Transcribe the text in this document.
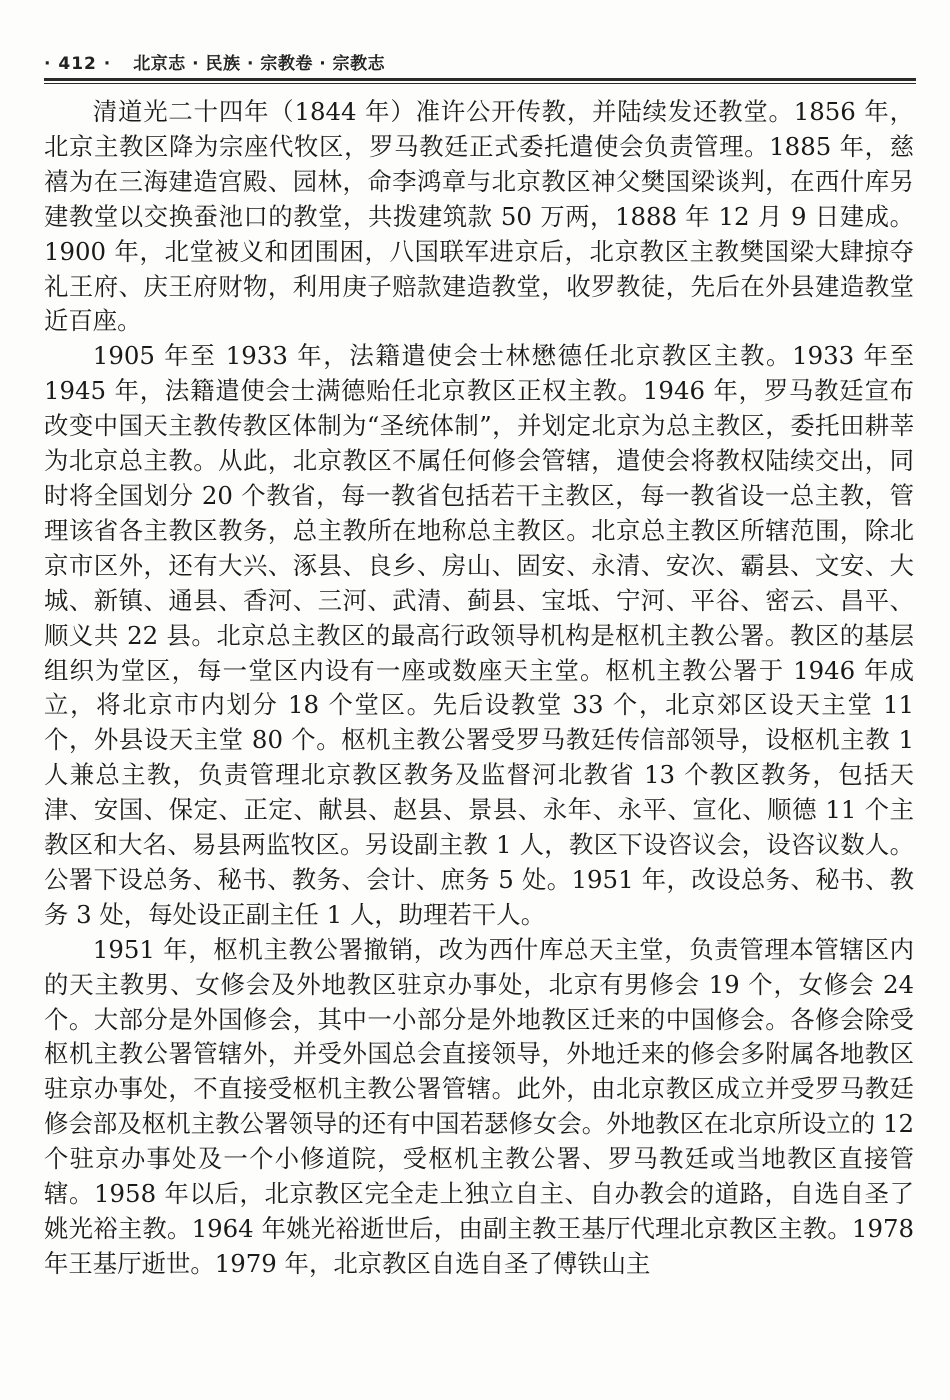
· 412 · 北京志 · 民族 · 宗教卷 · 宗教志

清道光二十四年（1844 年）准许公开传教，并陆续发还教堂。1856 年，北京主教区降为宗座代牧区，罗马教廷正式委托遣使会负责管理。1885 年，慈禧为在三海建造宫殿、园林，命李鸿章与北京教区神父樊国梁谈判，在西什库另建教堂以交换蚕池口的教堂，共拨建筑款 50 万两，1888 年 12 月 9 日建成。1900 年，北堂被义和团围困，八国联军进京后，北京教区主教樊国梁大肆掠夺礼王府、庆王府财物，利用庚子赔款建造教堂，收罗教徒，先后在外县建造教堂近百座。

1905 年至 1933 年，法籍遣使会士林懋德任北京教区主教。1933 年至 1945 年，法籍遣使会士满德贻任北京教区正权主教。1946 年，罗马教廷宣布改变中国天主教传教区体制为“圣统体制”，并划定北京为总主教区，委托田耕莘为北京总主教。从此，北京教区不属任何修会管辖，遣使会将教权陆续交出，同时将全国划分 20 个教省，每一教省包括若干主教区，每一教省设一总主教，管理该省各主教区教务，总主教所在地称总主教区。北京总主教区所辖范围，除北京市区外，还有大兴、涿县、良乡、房山、固安、永清、安次、霸县、文安、大城、新镇、通县、香河、三河、武清、蓟县、宝坻、宁河、平谷、密云、昌平、顺义共 22 县。北京总主教区的最高行政领导机构是枢机主教公署。教区的基层组织为堂区，每一堂区内设有一座或数座天主堂。枢机主教公署于 1946 年成立，将北京市内划分 18 个堂区。先后设教堂 33 个，北京郊区设天主堂 11 个，外县设天主堂 80 个。枢机主教公署受罗马教廷传信部领导，设枢机主教 1 人兼总主教，负责管理北京教区教务及监督河北教省 13 个教区教务，包括天津、安国、保定、正定、献县、赵县、景县、永年、永平、宣化、顺德 11 个主教区和大名、易县两监牧区。另设副主教 1 人，教区下设咨议会，设咨议数人。公署下设总务、秘书、教务、会计、庶务 5 处。1951 年，改设总务、秘书、教务 3 处，每处设正副主任 1 人，助理若干人。

1951 年，枢机主教公署撤销，改为西什库总天主堂，负责管理本管辖区内的天主教男、女修会及外地教区驻京办事处，北京有男修会 19 个，女修会 24 个。大部分是外国修会，其中一小部分是外地教区迁来的中国修会。各修会除受枢机主教公署管辖外，并受外国总会直接领导，外地迁来的修会多附属各地教区驻京办事处，不直接受枢机主教公署管辖。此外，由北京教区成立并受罗马教廷修会部及枢机主教公署领导的还有中国若瑟修女会。外地教区在北京所设立的 12 个驻京办事处及一个小修道院，受枢机主教公署、罗马教廷或当地教区直接管辖。1958 年以后，北京教区完全走上独立自主、自办教会的道路，自选自圣了姚光裕主教。1964 年姚光裕逝世后，由副主教王基厅代理北京教区主教。1978 年王基厅逝世。1979 年，北京教区自选自圣了傅铁山主
